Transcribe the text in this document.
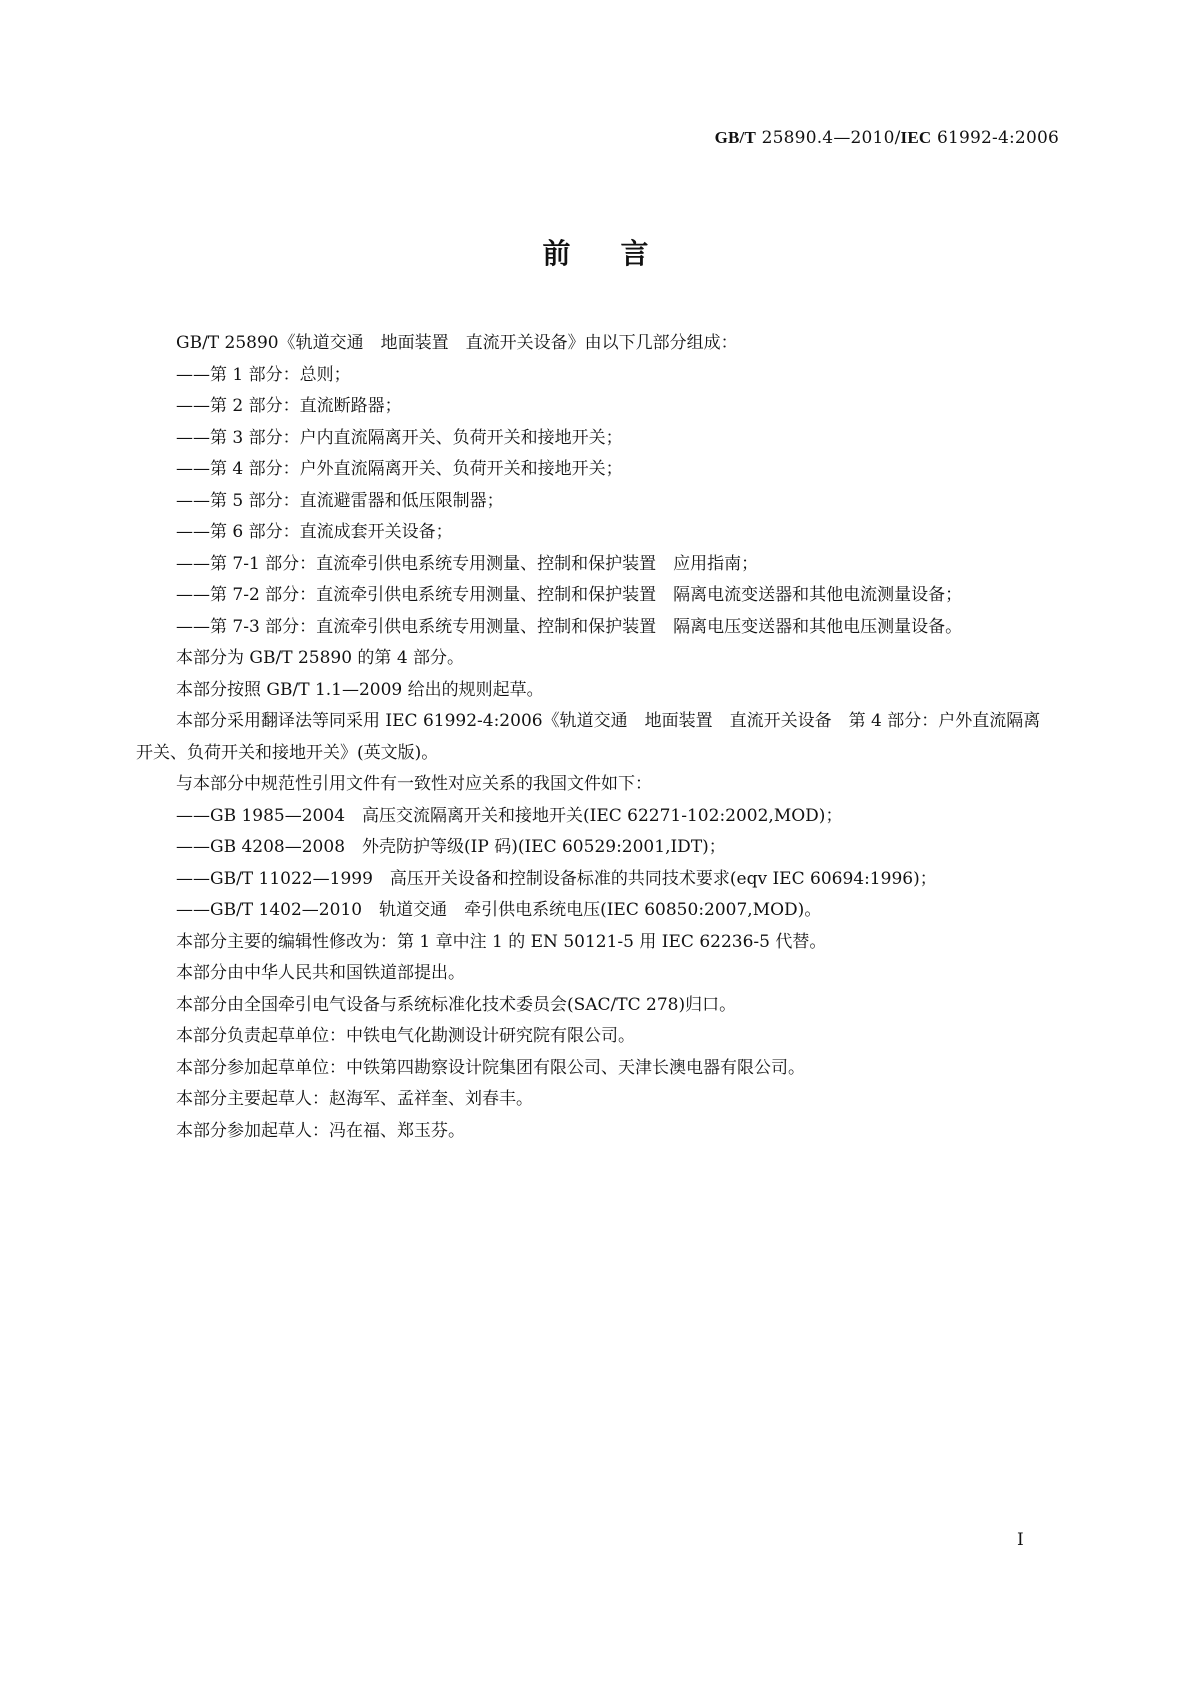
GB/T 25890.4—2010/IEC 61992-4:2006
前言

GB/T 25890《轨道交通　地面装置　直流开关设备》由以下几部分组成：

——第 1 部分：总则；

——第 2 部分：直流断路器；

——第 3 部分：户内直流隔离开关、负荷开关和接地开关；

——第 4 部分：户外直流隔离开关、负荷开关和接地开关；

——第 5 部分：直流避雷器和低压限制器；

——第 6 部分：直流成套开关设备；

——第 7-1 部分：直流牵引供电系统专用测量、控制和保护装置　应用指南；

——第 7-2 部分：直流牵引供电系统专用测量、控制和保护装置　隔离电流变送器和其他电流测量设备；

——第 7-3 部分：直流牵引供电系统专用测量、控制和保护装置　隔离电压变送器和其他电压测量设备。

本部分为 GB/T 25890 的第 4 部分。

本部分按照 GB/T 1.1—2009 给出的规则起草。

本部分采用翻译法等同采用 IEC 61992-4:2006《轨道交通　地面装置　直流开关设备　第 4 部分：户外直流隔离开关、负荷开关和接地开关》(英文版)。

与本部分中规范性引用文件有一致性对应关系的我国文件如下：

——GB 1985—2004　高压交流隔离开关和接地开关(IEC 62271-102:2002,MOD)；

——GB 4208—2008　外壳防护等级(IP 码)(IEC 60529:2001,IDT)；

——GB/T 11022—1999　高压开关设备和控制设备标准的共同技术要求(eqv IEC 60694:1996)；

——GB/T 1402—2010　轨道交通　牵引供电系统电压(IEC 60850:2007,MOD)。

本部分主要的编辑性修改为：第 1 章中注 1 的 EN 50121-5 用 IEC 62236-5 代替。

本部分由中华人民共和国铁道部提出。

本部分由全国牵引电气设备与系统标准化技术委员会(SAC/TC 278)归口。

本部分负责起草单位：中铁电气化勘测设计研究院有限公司。

本部分参加起草单位：中铁第四勘察设计院集团有限公司、天津长澳电器有限公司。

本部分主要起草人：赵海军、孟祥奎、刘春丰。

本部分参加起草人：冯在福、郑玉芬。

I
